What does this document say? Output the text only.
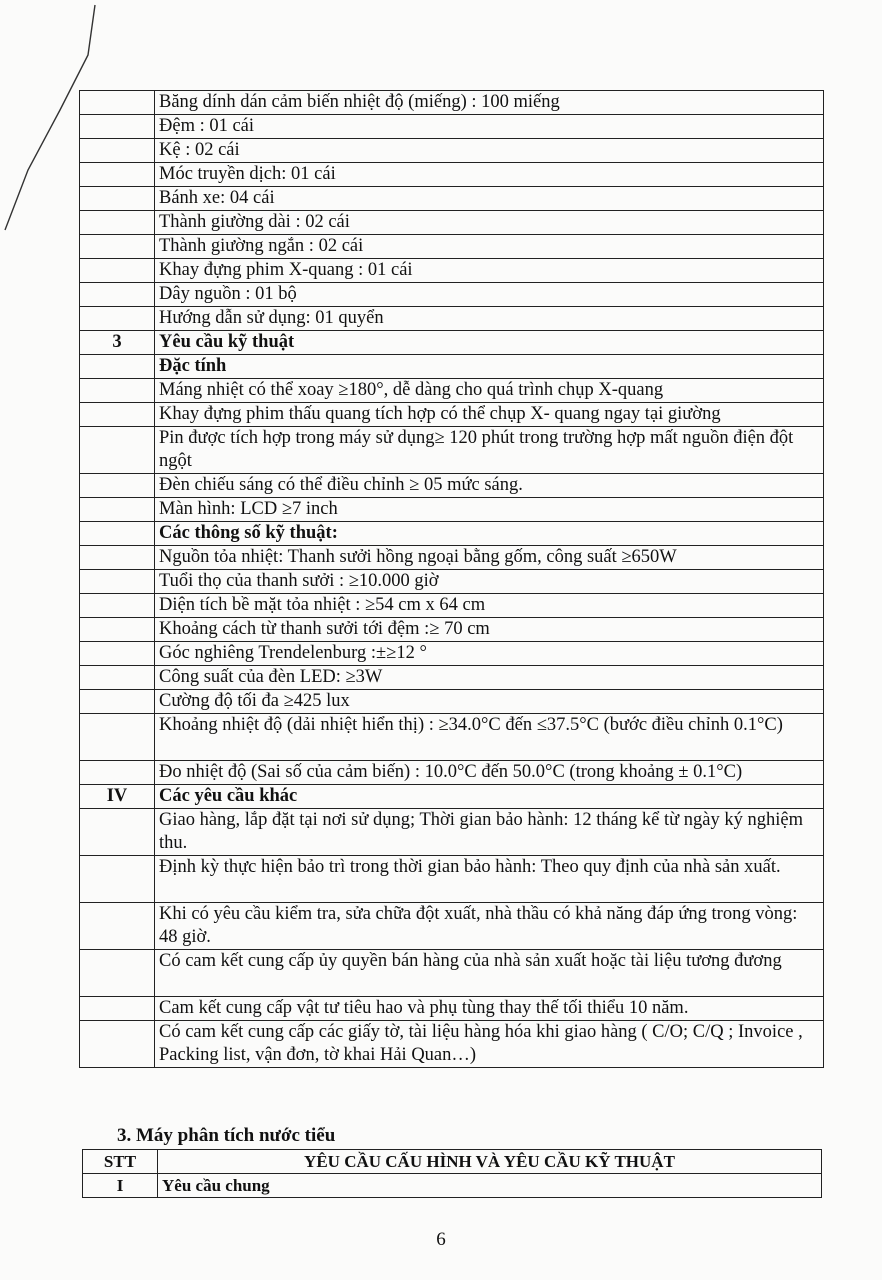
	Băng dính dán cảm biến nhiệt độ (miếng) : 100 miếng
	Đệm : 01 cái
	Kệ : 02 cái
	Móc truyền dịch: 01 cái
	Bánh xe: 04 cái
	Thành giường dài : 02 cái
	Thành giường ngắn : 02 cái
	Khay đựng phim X-quang : 01 cái
	Dây nguồn : 01 bộ
	Hướng dẫn sử dụng: 01 quyển
3	Yêu cầu kỹ thuật
	Đặc tính
	Máng nhiệt có thể xoay ≥180°, dễ dàng cho quá trình chụp X-quang
	Khay đựng phim thấu quang tích hợp có thể chụp X- quang ngay tại giường
	Pin được tích hợp trong máy sử dụng≥ 120 phút trong trường hợp mất nguồn điện đột ngột
	Đèn chiếu sáng có thể điều chỉnh ≥ 05 mức sáng.
	Màn hình: LCD ≥7 inch
	Các thông số kỹ thuật:
	Nguồn tỏa nhiệt: Thanh sưởi hồng ngoại bằng gốm, công suất ≥650W
	Tuổi thọ của thanh sưởi : ≥10.000 giờ
	Diện tích bề mặt tỏa nhiệt : ≥54 cm x 64 cm
	Khoảng cách từ thanh sưởi tới đệm :≥ 70 cm
	Góc nghiêng Trendelenburg :±≥12 °
	Công suất của đèn LED: ≥3W
	Cường độ tối đa ≥425 lux
	Khoảng nhiệt độ (dải nhiệt hiển thị) : ≥34.0°C đến ≤37.5°C (bước điều chỉnh 0.1°C)
	Đo nhiệt độ (Sai số của cảm biến) : 10.0°C đến 50.0°C (trong khoảng ± 0.1°C)
IV	Các yêu cầu khác
	Giao hàng, lắp đặt tại nơi sử dụng; Thời gian bảo hành: 12 tháng kể từ ngày ký nghiệm thu.
	Định kỳ thực hiện bảo trì trong thời gian bảo hành: Theo quy định của nhà sản xuất.
	Khi có yêu cầu kiểm tra, sửa chữa đột xuất, nhà thầu có khả năng đáp ứng trong vòng: 48 giờ.
	Có cam kết cung cấp ủy quyền bán hàng của nhà sản xuất hoặc tài liệu tương đương
	Cam kết cung cấp vật tư tiêu hao và phụ tùng thay thế tối thiểu 10 năm.
	Có cam kết cung cấp các giấy tờ, tài liệu hàng hóa khi giao hàng ( C/O; C/Q ; Invoice , Packing list, vận đơn, tờ khai Hải Quan…)
3. Máy phân tích nước tiểu
STT	YÊU CẦU CẤU HÌNH VÀ YÊU CẦU KỸ THUẬT
I	Yêu cầu chung
6
